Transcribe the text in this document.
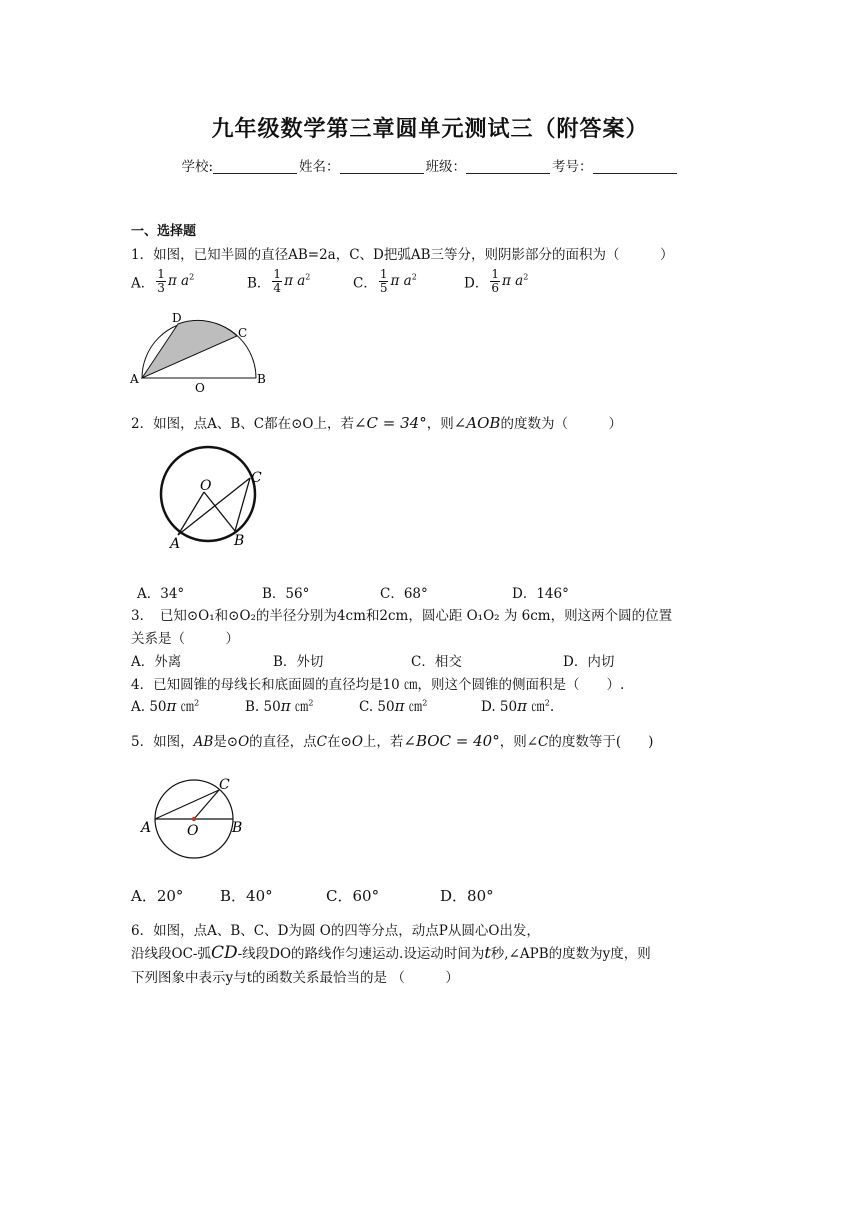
九年级数学第三章圆单元测试三（附答案）
学校:	姓名：	班级：	考号：
一、选择题
1．如图，已知半圆的直径AB=2a，C、D把弧AB三等分，则阴影部分的面积为（　　　）
A． $\frac{1}{3}$ π $a^2$	B． $\frac{1}{4}$ π $a^2$	C． $\frac{1}{5}$ π $a^2$	D． $\frac{1}{6}$ π $a^2$
D
C
A
O
B
2．如图，点A、B、C都在⊙O上，若∠C = 34°，则∠AOB的度数为（　　　）
O	C
A	B
A．34°	B．56°	C．68°	D．146°
3．　已知⊙O₁和⊙O₂的半径分别为4cm和2cm，圆心距 O₁O₂ 为 6cm，则这两个圆的位置
关系是（　　　）
A．外离	B．外切	C．相交	D．内切
4．已知圆锥的母线长和底面圆的直径均是10 ㎝，则这个圆锥的侧面积是（　　）.
A. 50π ㎝$^2$	B. 50π ㎝$^2$	C. 50π ㎝$^2$	D. 50π ㎝$^2$.
5．如图，AB是⊙O的直径，点C在⊙O上，若∠BOC = 40°，则∠C的度数等于(　　)
A	O B
C
A．20° B．40°	C．60°	D．80°
6．如图，点A、B、C、D为圆 O的四等分点，动点P从圆心O出发，
沿线段OC-弧CD-线段DO的路线作匀速运动.设运动时间为t秒,∠APB的度数为y度，则
下列图象中表示y与t的函数关系最恰当的是 （　　　）
